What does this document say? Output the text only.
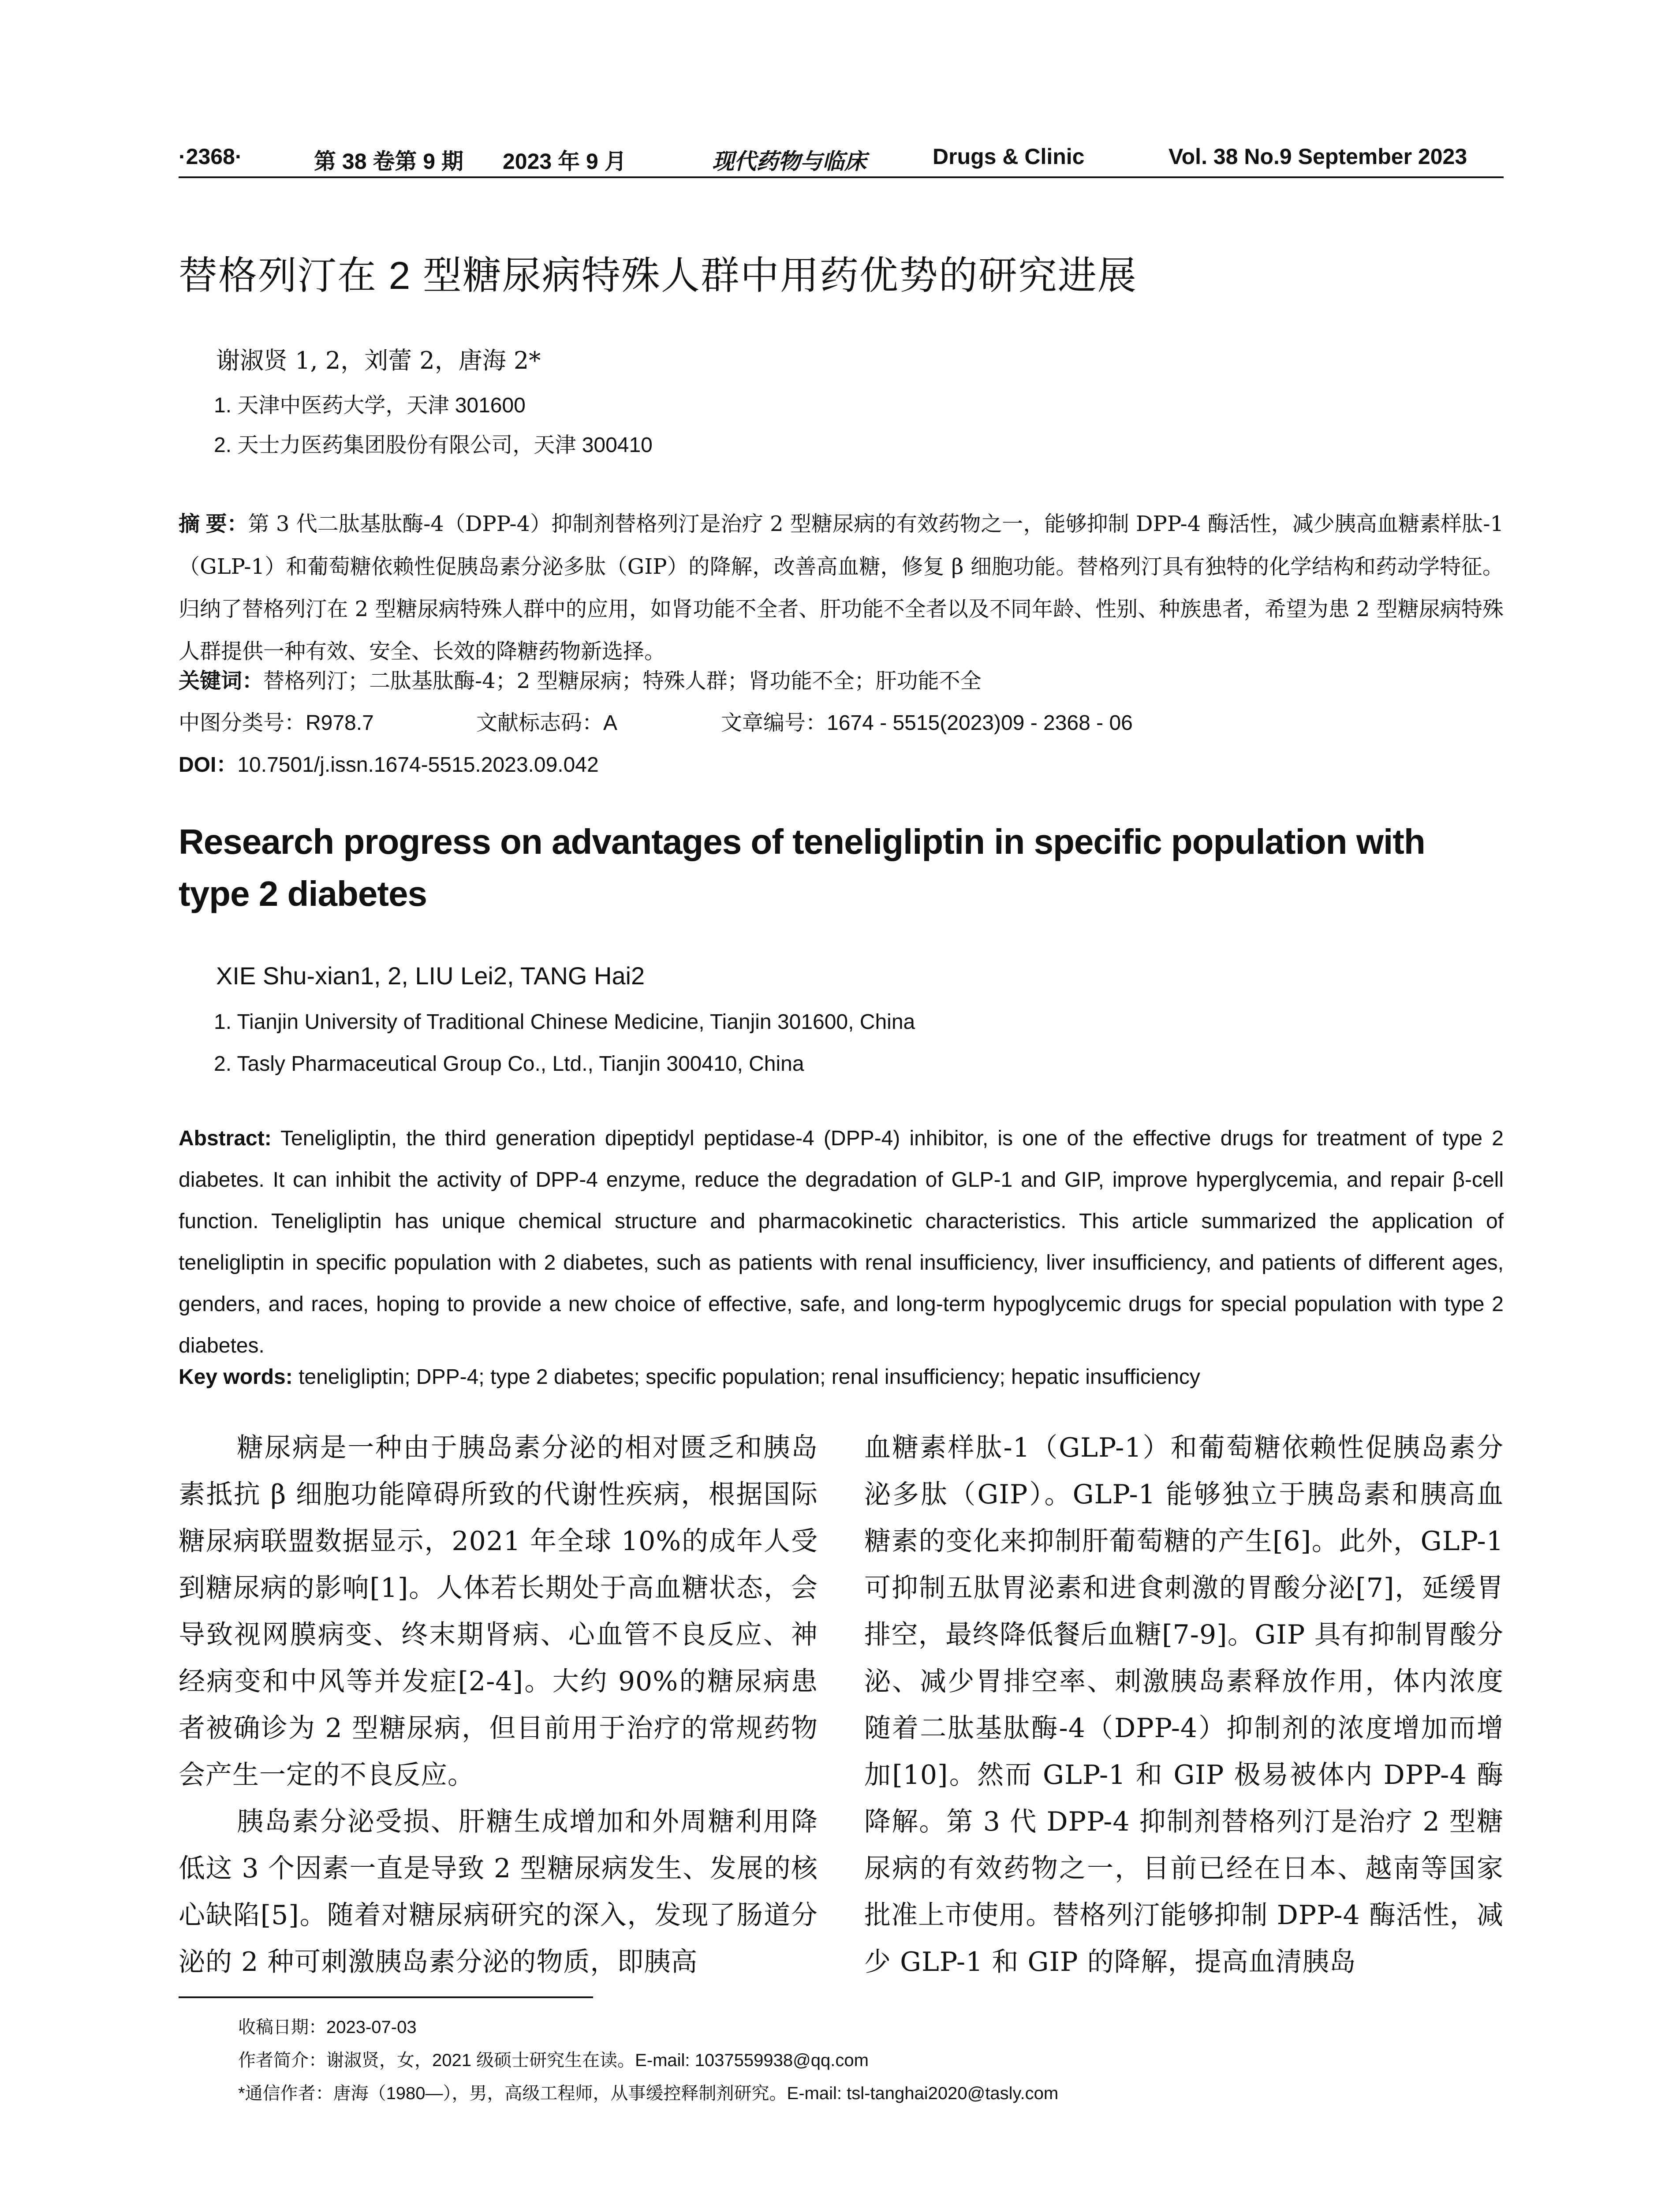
·2368·	第 38 卷第 9 期 2023 年 9 月	现代药物与临床	Drugs & Clinic	Vol. 38 No.9 September 2023
替格列汀在 2 型糖尿病特殊人群中用药优势的研究进展
谢淑贤 1, 2，刘蕾 2，唐海 2*
1. 天津中医药大学，天津 301600
2. 天士力医药集团股份有限公司，天津 300410
摘 要：第 3 代二肽基肽酶-4（DPP-4）抑制剂替格列汀是治疗 2 型糖尿病的有效药物之一，能够抑制 DPP-4 酶活性，减少胰高血糖素样肽-1（GLP-1）和葡萄糖依赖性促胰岛素分泌多肽（GIP）的降解，改善高血糖，修复 β 细胞功能。替格列汀具有独特的化学结构和药动学特征。归纳了替格列汀在 2 型糖尿病特殊人群中的应用，如肾功能不全者、肝功能不全者以及不同年龄、性别、种族患者，希望为患 2 型糖尿病特殊人群提供一种有效、安全、长效的降糖药物新选择。
关键词：替格列汀；二肽基肽酶-4；2 型糖尿病；特殊人群；肾功能不全；肝功能不全
中图分类号：R978.7	文献标志码：A	文章编号：1674 - 5515(2023)09 - 2368 - 06
DOI：10.7501/j.issn.1674-5515.2023.09.042
Research progress on advantages of teneligliptin in specific population with type 2 diabetes
XIE Shu-xian1, 2, LIU Lei2, TANG Hai2
1. Tianjin University of Traditional Chinese Medicine, Tianjin 301600, China
2. Tasly Pharmaceutical Group Co., Ltd., Tianjin 300410, China
Abstract: Teneligliptin, the third generation dipeptidyl peptidase-4 (DPP-4) inhibitor, is one of the effective drugs for treatment of type 2 diabetes. It can inhibit the activity of DPP-4 enzyme, reduce the degradation of GLP-1 and GIP, improve hyperglycemia, and repair β-cell function. Teneligliptin has unique chemical structure and pharmacokinetic characteristics. This article summarized the application of teneligliptin in specific population with 2 diabetes, such as patients with renal insufficiency, liver insufficiency, and patients of different ages, genders, and races, hoping to provide a new choice of effective, safe, and long-term hypoglycemic drugs for special population with type 2 diabetes.
Key words: teneligliptin; DPP-4; type 2 diabetes; specific population; renal insufficiency; hepatic insufficiency

糖尿病是一种由于胰岛素分泌的相对匮乏和胰岛素抵抗 β 细胞功能障碍所致的代谢性疾病，根据国际糖尿病联盟数据显示，2021 年全球 10%的成年人受到糖尿病的影响[1]。人体若长期处于高血糖状态，会导致视网膜病变、终末期肾病、心血管不良反应、神经病变和中风等并发症[2-4]。大约 90%的糖尿病患者被确诊为 2 型糖尿病，但目前用于治疗的常规药物会产生一定的不良反应。

胰岛素分泌受损、肝糖生成增加和外周糖利用降低这 3 个因素一直是导致 2 型糖尿病发生、发展的核心缺陷[5]。随着对糖尿病研究的深入，发现了肠道分泌的 2 种可刺激胰岛素分泌的物质，即胰高

血糖素样肽-1（GLP-1）和葡萄糖依赖性促胰岛素分泌多肽（GIP）。GLP-1 能够独立于胰岛素和胰高血糖素的变化来抑制肝葡萄糖的产生[6]。此外，GLP-1 可抑制五肽胃泌素和进食刺激的胃酸分泌[7]，延缓胃排空，最终降低餐后血糖[7-9]。GIP 具有抑制胃酸分泌、减少胃排空率、刺激胰岛素释放作用，体内浓度随着二肽基肽酶-4（DPP-4）抑制剂的浓度增加而增加[10]。然而 GLP-1 和 GIP 极易被体内 DPP-4 酶降解。第 3 代 DPP-4 抑制剂替格列汀是治疗 2 型糖尿病的有效药物之一，目前已经在日本、越南等国家批准上市使用。替格列汀能够抑制 DPP-4 酶活性，减少 GLP-1 和 GIP 的降解，提高血清胰岛

收稿日期：2023-07-03
作者简介：谢淑贤，女，2021 级硕士研究生在读。E-mail: 1037559938@qq.com
*通信作者：唐海（1980—），男，高级工程师，从事缓控释制剂研究。E-mail: tsl-tanghai2020@tasly.com
